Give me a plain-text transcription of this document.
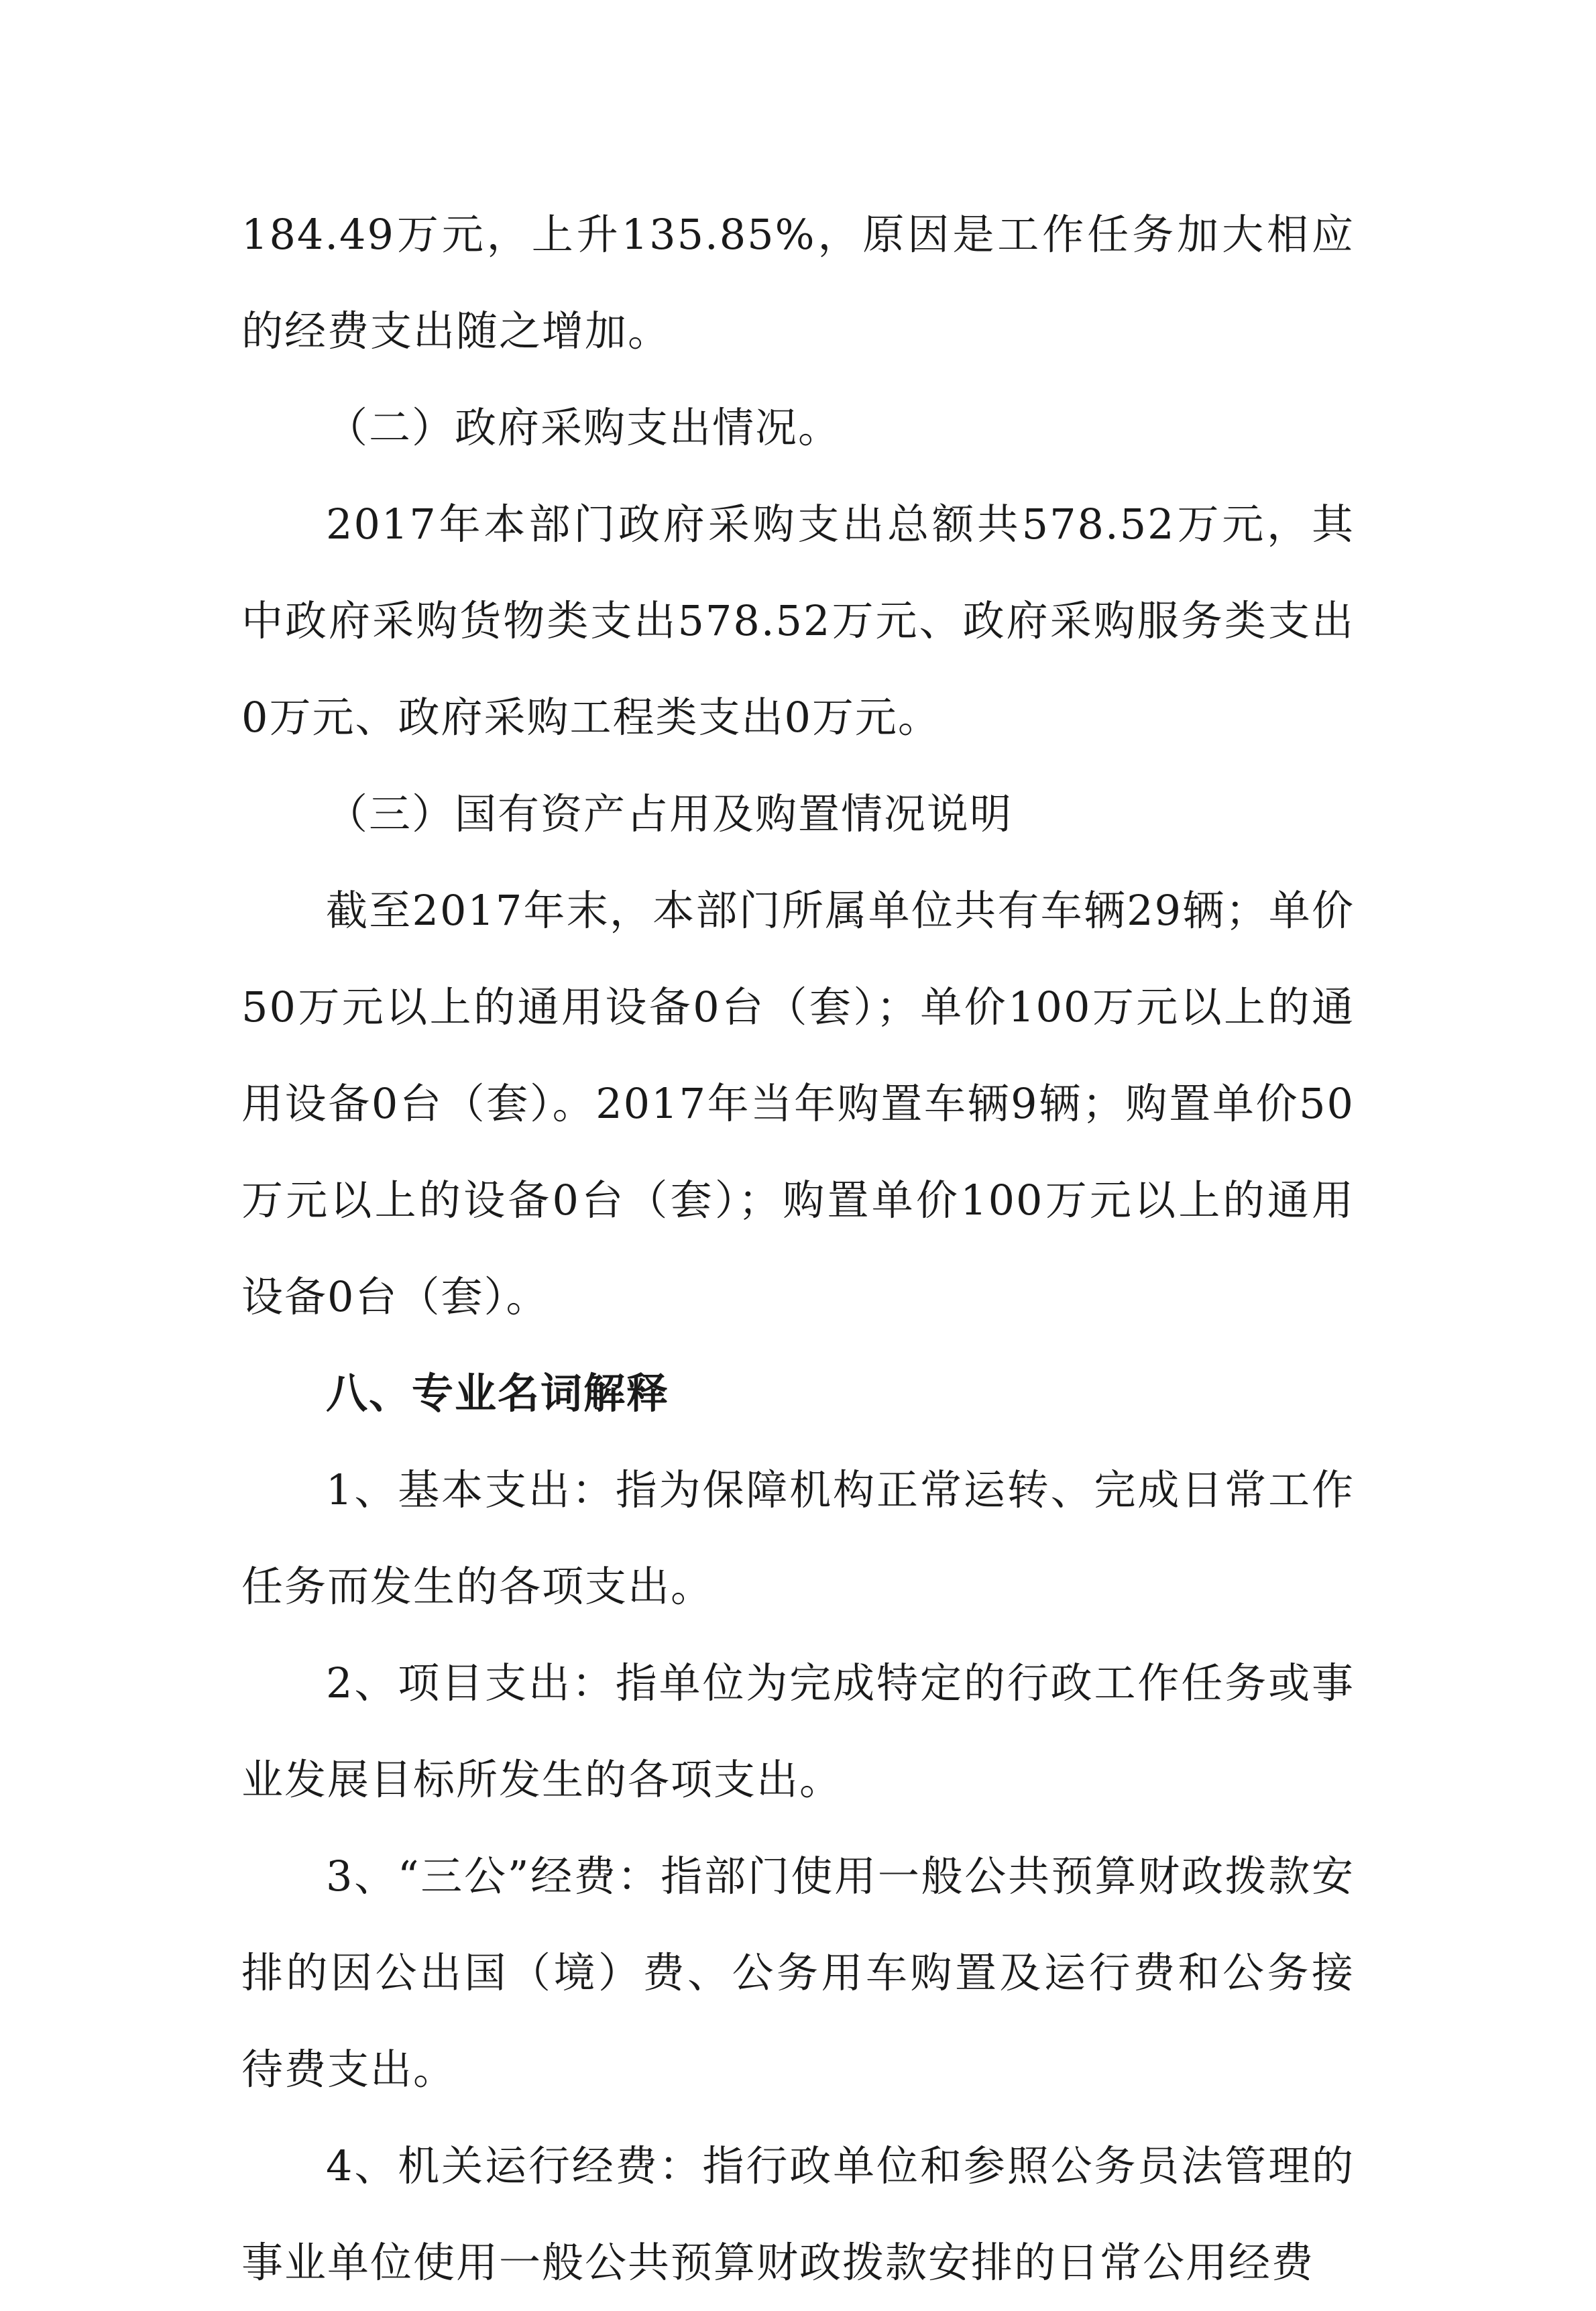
184.49万元，上升135.85%，原因是工作任务加大相应的经费支出随之增加。

（二）政府采购支出情况。

2017年本部门政府采购支出总额共578.52万元，其中政府采购货物类支出578.52万元、政府采购服务类支出0万元、政府采购工程类支出0万元。

（三）国有资产占用及购置情况说明

截至2017年末，本部门所属单位共有车辆29辆；单价50万元以上的通用设备0台（套）；单价100万元以上的通用设备0台（套）。2017年当年购置车辆9辆；购置单价50万元以上的设备0台（套）；购置单价100万元以上的通用设备0台（套）。

八、专业名词解释

1、基本支出：指为保障机构正常运转、完成日常工作任务而发生的各项支出。

2、项目支出：指单位为完成特定的行政工作任务或事业发展目标所发生的各项支出。

3、“三公”经费：指部门使用一般公共预算财政拨款安排的因公出国（境）费、公务用车购置及运行费和公务接待费支出。

4、机关运行经费：指行政单位和参照公务员法管理的事业单位使用一般公共预算财政拨款安排的日常公用经费
